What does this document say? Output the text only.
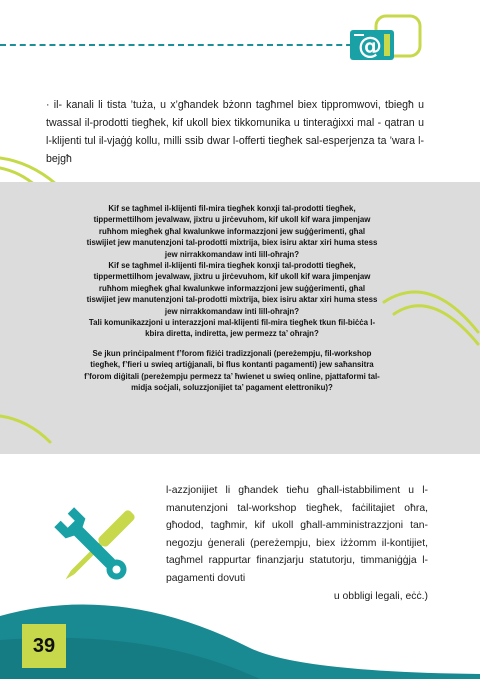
@
· il- kanali li tista ’tuża, u x’għandek bżonn tagħmel biex tippromwovi, tbiegħ u twassal il-prodotti tiegħek, kif ukoll biex tikkomunika u tinteraġixxi mal - qatran u l-klijenti tul il-vjaġġ kollu, milli ssib dwar l-offerti tiegħek sal-esperjenza ta ’wara l-bejgħ

Kif se tagħmel il-klijenti fil-mira tiegħek konxji tal-prodotti tiegħek, tippermettilhom jevalwaw, jixtru u jirċevuhom, kif ukoll kif wara jimpenjaw ruħhom miegħek għal kwalunkwe informazzjoni jew suġġerimenti, għal tiswijiet jew manutenzjoni tal-prodotti mixtrija, biex isiru aktar xiri huma stess jew nirrakkomandaw inti lill-oħrajn?

Kif se tagħmel il-klijenti fil-mira tiegħek konxji tal-prodotti tiegħek, tippermettilhom jevalwaw, jixtru u jirċevuhom, kif ukoll kif wara jimpenjaw ruħhom miegħek għal kwalunkwe informazzjoni jew suġġerimenti, għal tiswijiet jew manutenzjoni tal-prodotti mixtrija, biex isiru aktar xiri huma stess jew nirrakkomandaw inti lill-oħrajn?

Tali komunikazzjoni u interazzjoni mal-klijenti fil-mira tiegħek tkun fil-biċċa l-kbira diretta, indiretta, jew permezz ta’ oħrajn?

Se jkun prinċipalment f’forom fiżiċi tradizzjonali (pereżempju, fil-workshop tiegħek, f’fieri u swieq artiġjanali, bi flus kontanti pagamenti) jew saħansitra f’forom diġitali (pereżempju permezz ta’ ħwienet u swieq online, pjattaformi tal-midja soċjali, soluzzjonijiet ta’ pagament elettroniku)?

l-azzjonijiet li għandek tieħu għall-istabbiliment u l-manutenzjoni tal-workshop tiegħek, faċilitajiet oħra, għodod, tagħmir, kif ukoll għall-amministrazzjoni tan-negozju ġenerali (pereżempju, biex iżżomm il-kontijiet, tagħmel rappurtar finanzjarju statutorju, timmaniġġja l-pagamenti dovuti
u obbligi legali, eċċ.)
39
